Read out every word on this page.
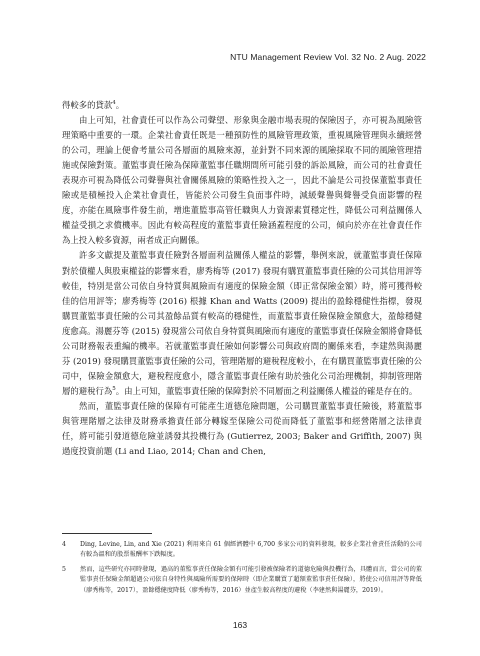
NTU Management Review Vol. 32 No. 2 Aug. 2022

得較多的貸款$^4$。

由上可知，社會責任可以作為公司聲望、形象與金融市場表現的保險因子，亦可視為風險管理策略中重要的一環。企業社會責任既是一種預防性的風險管理政策，重視風險管理與永續經營的公司，理論上便會考量公司各層面的風險來源，並針對不同來源的風險採取不同的風險管理措施或保險對策。董監事責任險為保障董監事任職期間所可能引發的訴訟風險，而公司的社會責任表現亦可視為降低公司聲譽與社會關係風險的策略性投入之一，因此不論是公司投保董監事責任險或是積極投入企業社會責任，皆能於公司發生負面事件時，減緩聲譽與聲譽受負面影響的程度，亦能在風險事件發生前，增進董監事高管任職與人力資源素質穩定性，降低公司利益關係人權益受損之求償機率。因此有較高程度的董監事責任險涵蓋程度的公司，傾向於亦在社會責任作為上投入較多資源，兩者成正向關係。

許多文獻提及董監事責任險對各層面利益關係人權益的影響，舉例來說，就董監事責任保障對於債權人與股東權益的影響來看，廖秀梅等 (2017) 發現有購買董監事責任險的公司其信用評等較佳，特別是當公司依自身特質與風險而有適度的保險金額（即正常保險金額）時，將可獲得較佳的信用評等；廖秀梅等 (2016) 根據 Khan and Watts (2009) 提出的盈餘穩健性指標，發現購買董監事責任險的公司其盈餘品質有較高的穩健性，而董監事責任險保險金額愈大，盈餘穩健度愈高。湯麗芬等 (2015) 發現當公司依自身特質與風險而有適度的董監事責任保險金額將會降低公司財務報表重編的機率。若就董監事責任險如何影響公司與政府間的關係來看，李建然與湯麗芬 (2019) 發現購買董監事責任險的公司，管理階層的避稅程度較小，在有購買董監事責任險的公司中，保險金額愈大，避稅程度愈小，隱含董監事責任險有助於強化公司治理機制，抑制管理階層的避稅行為$^5$。由上可知，董監事責任險的保障對於不同層面之利益關係人權益的確是存在的。

然而，董監事責任險的保障有可能產生道德危險問題，公司購買董監事責任險後，將董監事與管理階層之法律及財務承擔責任部分轉嫁至保險公司從而降低了董監事和經營階層之法律責任，將可能引發道德危險並誘發其投機行為 (Gutierrez, 2003; Baker and Griffith, 2007) 與過度投資前題 (Li and Liao, 2014; Chan and Chen,

4	Ding, Levine, Lin, and Xie (2021) 利用來自 61 個經濟體中 6,700 多家公司的資料發現，較多企業社會責任活動的公司有較為溫和的股票報酬率下跌幅度。
5	然而，這些研究亦同時發現，過高的董監事責任保險金額有可能引發被保險者的道德危險與投機行為，具體而言，當公司的董監事責任保險金額超過公司依自身特性與風險所需要的保障時（即企業購買了超額董監事責任保險），將使公司信用評等降低（廖秀梅等，2017），盈餘穩健度降低（廖秀梅等，2016）並產生較高程度的避稅（李建然與湯麗芬，2019）。
163
